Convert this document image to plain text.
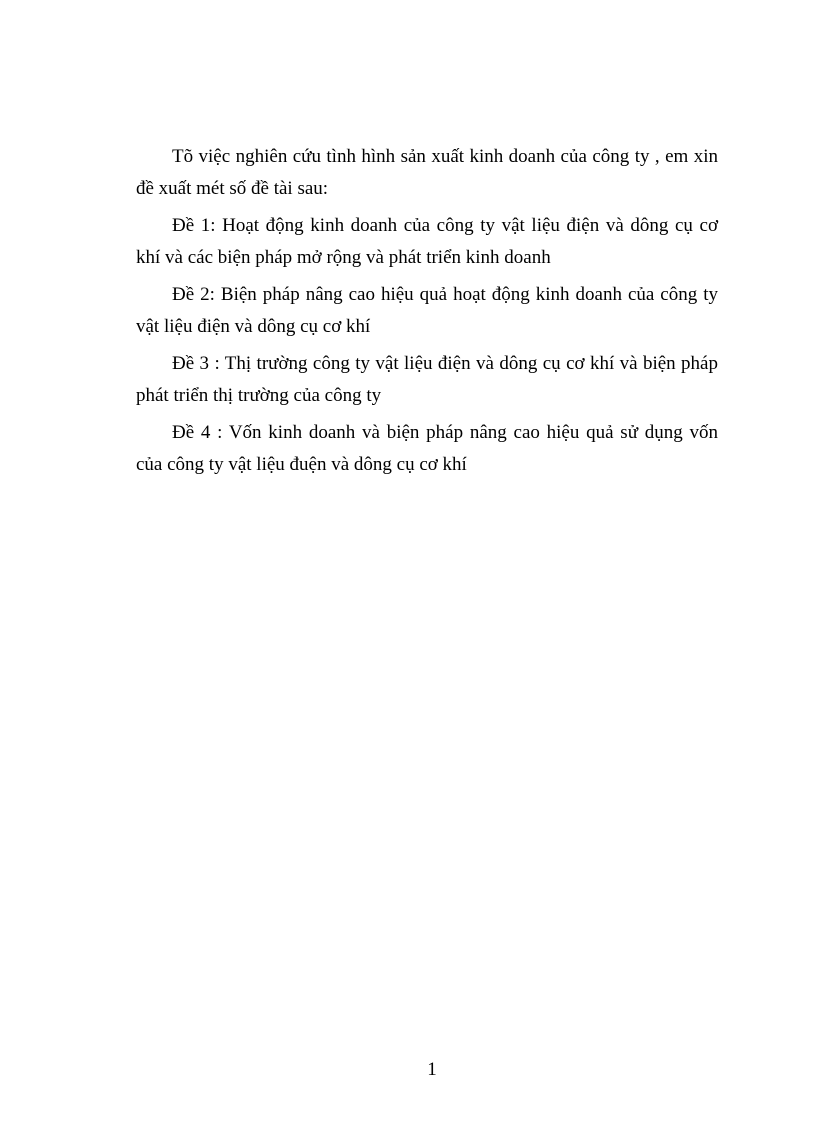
Tõ việc nghiên cứu tình hình sản xuất kinh doanh của công ty , em xin đề xuất mét số đề tài sau:

Đề 1: Hoạt động kinh doanh của công ty vật liệu điện và dông cụ cơ khí và các biện pháp mở rộng và phát triển kinh doanh

Đề 2: Biện pháp nâng cao hiệu quả hoạt động kinh doanh của công ty vật liệu điện và dông cụ cơ khí

Đề 3 : Thị trường công ty vật liệu điện và dông cụ cơ khí và biện pháp phát triển thị trường của công ty

Đề 4 : Vốn kinh doanh và biện pháp nâng cao hiệu quả sử dụng vốn của công ty vật liệu đuện và dông cụ cơ khí

1
